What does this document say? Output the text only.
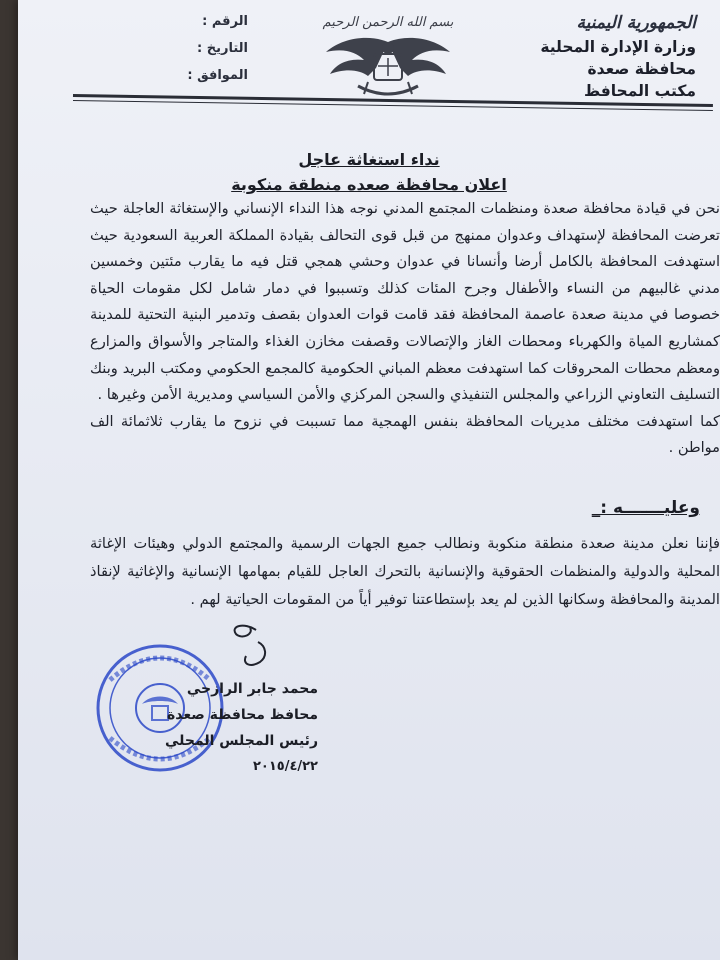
الجمهورية اليمنية
وزارة الإدارة المحلية
محافظة صعدة
مكتب المحافظ
بسم الله الرحمن الرحيم
الرقم :
التاريخ :
الموافق :
نداء استغاثة عاجل
اعلان محافظة صعده منطقة منكوبة

نحن في قيادة محافظة صعدة ومنظمات المجتمع المدني نوجه هذا النداء الإنساني والإستغاثة العاجلة حيث تعرضت المحافظة لإستهداف وعدوان ممنهج من قبل قوى التحالف بقيادة المملكة العربية السعودية حيث استهدفت المحافظة بالكامل أرضا وأنسانا في عدوان وحشي همجي قتل فيه ما يقارب مئتين وخمسين مدني غالبيهم من النساء والأطفال وجرح المئات كذلك وتسببوا في دمار شامل لكل مقومات الحياة خصوصا في مدينة صعدة عاصمة المحافظة فقد قامت قوات العدوان بقصف وتدمير البنية التحتية للمدينة كمشاريع المياة والكهرباء ومحطات الغاز والإتصالات وقصفت مخازن الغذاء والمتاجر والأسواق والمزارع ومعظم محطات المحروقات كما استهدفت معظم المباني الحكومية كالمجمع الحكومي ومكتب البريد وبنك التسليف التعاوني الزراعي والمجلس التنفيذي والسجن المركزي والأمن السياسي ومديرية الأمن وغيرها .

كما استهدفت مختلف مديريات المحافظة بنفس الهمجية مما تسببت في نزوح ما يقارب ثلاثمائة الف مواطن .

وعليـــــــه :_
فإننا نعلن مدينة صعدة منطقة منكوبة ونطالب جميع الجهات الرسمية والمجتمع الدولي وهيئات الإغاثة المحلية والدولية والمنظمات الحقوقية والإنسانية بالتحرك العاجل للقيام بمهامها الإنسانية والإغاثية لإنقاذ المدينة والمحافظة وسكانها الذين لم يعد بإستطاعتنا توفير أياً من المقومات الحياتية لهم .
محمد جابر الرازحي
محافظ محافظة صعدة
رئيس المجلس المحلي
٢٠١٥/٤/٢٢
